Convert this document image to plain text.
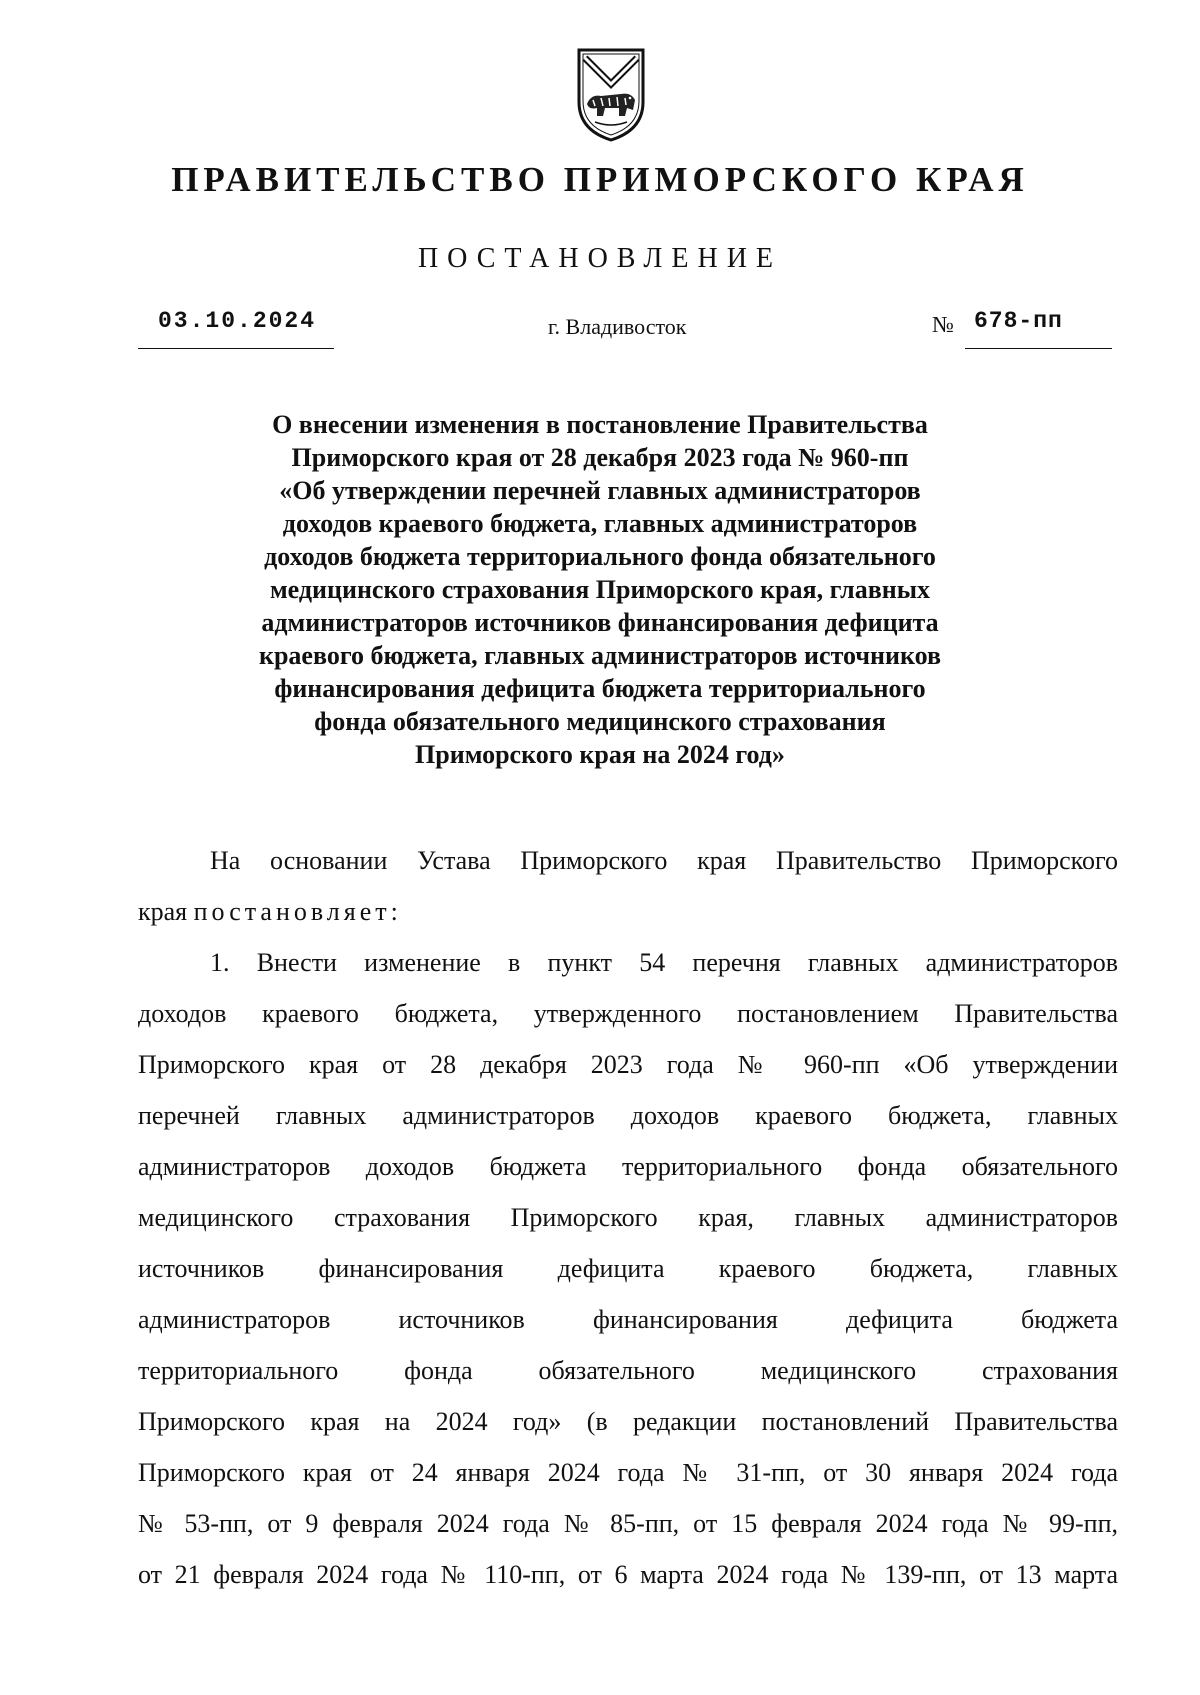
ПРАВИТЕЛЬСТВО ПРИМОРСКОГО КРАЯ
ПОСТАНОВЛЕНИЕ
03.10.2024	г. Владивосток	№ 678-пп
О внесении изменения в постановление Правительства
Приморского края от 28 декабря 2023 года № 960-пп
«Об утверждении перечней главных администраторов
доходов краевого бюджета, главных администраторов
доходов бюджета территориального фонда обязательного
медицинского страхования Приморского края, главных
администраторов источников финансирования дефицита
краевого бюджета, главных администраторов источников
финансирования дефицита бюджета территориального
фонда обязательного медицинского страхования
Приморского края на 2024 год»
На основании Устава Приморского края Правительство Приморского
края постановляет:
1. Внести изменение в пункт 54 перечня главных администраторов
доходов краевого бюджета, утвержденного постановлением Правительства
Приморского края от 28 декабря 2023 года № 960-пп «Об утверждении
перечней главных администраторов доходов краевого бюджета, главных
администраторов доходов бюджета территориального фонда обязательного
медицинского страхования Приморского края, главных администраторов
источников финансирования дефицита краевого бюджета, главных
администраторов источников финансирования дефицита бюджета
территориального фонда обязательного медицинского страхования
Приморского края на 2024 год» (в редакции постановлений Правительства
Приморского края от 24 января 2024 года № 31-пп, от 30 января 2024 года
№ 53-пп, от 9 февраля 2024 года № 85-пп, от 15 февраля 2024 года № 99-пп,
от 21 февраля 2024 года № 110-пп, от 6 марта 2024 года № 139-пп, от 13 марта
